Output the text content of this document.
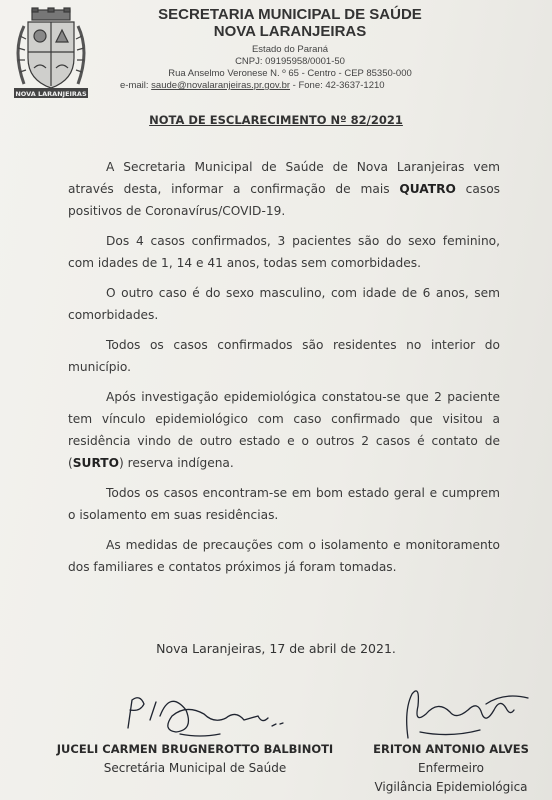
NOVA LARANJEIRAS
SECRETARIA MUNICIPAL DE SAÚDE
NOVA LARANJEIRAS
Estado do Paraná
CNPJ: 09195958/0001-50
Rua Anselmo Veronese N. º 65 - Centro - CEP 85350-000
e-mail: saude@novalaranjeiras.pr.gov.br - Fone: 42-3637-1210
NOTA DE ESCLARECIMENTO Nº 82/2021

A Secretaria Municipal de Saúde de Nova Laranjeiras vem através desta, informar a confirmação de mais QUATRO casos positivos de Coronavírus/COVID-19.

Dos 4 casos confirmados, 3 pacientes são do sexo feminino, com idades de 1, 14 e 41 anos, todas sem comorbidades.

O outro caso é do sexo masculino, com idade de 6 anos, sem comorbidades.

Todos os casos confirmados são residentes no interior do município.

Após investigação epidemiológica constatou-se que 2 paciente tem vínculo epidemiológico com caso confirmado que visitou a residência vindo de outro estado e o outros 2 casos é contato de (SURTO) reserva indígena.

Todos os casos encontram-se em bom estado geral e cumprem o isolamento em suas residências.

As medidas de precauções com o isolamento e monitoramento dos familiares e contatos próximos já foram tomadas.

Nova Laranjeiras, 17 de abril de 2021.
JUCELI CARMEN BRUGNEROTTO BALBINOTI
Secretária Municipal de Saúde
ERITON ANTONIO ALVES
Enfermeiro
Vigilância Epidemiológica
